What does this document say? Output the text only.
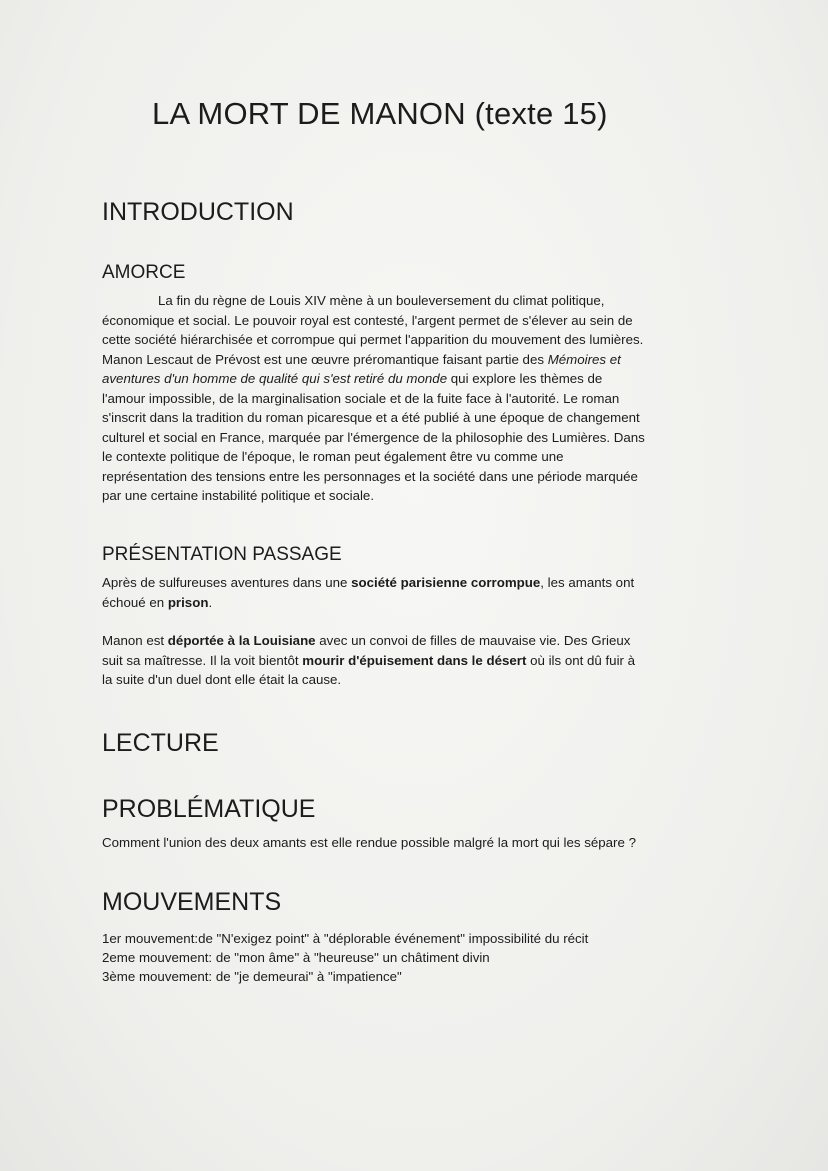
LA MORT DE MANON (texte 15)
INTRODUCTION
AMORCE
La fin du règne de Louis XIV mène à un bouleversement du climat politique,
économique et social. Le pouvoir royal est contesté, l'argent permet de s'élever au sein de
cette société hiérarchisée et corrompue qui permet l'apparition du mouvement des lumières.
Manon Lescaut de Prévost est une œuvre préromantique faisant partie des Mémoires et
aventures d'un homme de qualité qui s'est retiré du monde qui explore les thèmes de
l'amour impossible, de la marginalisation sociale et de la fuite face à l'autorité. Le roman
s'inscrit dans la tradition du roman picaresque et a été publié à une époque de changement
culturel et social en France, marquée par l'émergence de la philosophie des Lumières. Dans
le contexte politique de l'époque, le roman peut également être vu comme une
représentation des tensions entre les personnages et la société dans une période marquée
par une certaine instabilité politique et sociale.
PRÉSENTATION PASSAGE
Après de sulfureuses aventures dans une société parisienne corrompue, les amants ont
échoué en prison.
Manon est déportée à la Louisiane avec un convoi de filles de mauvaise vie. Des Grieux
suit sa maîtresse. Il la voit bientôt mourir d'épuisement dans le désert où ils ont dû fuir à
la suite d'un duel dont elle était la cause.
LECTURE
PROBLÉMATIQUE
Comment l'union des deux amants est elle rendue possible malgré la mort qui les sépare ?
MOUVEMENTS
1er mouvement:de "N'exigez point" à "déplorable événement" impossibilité du récit
2eme mouvement: de "mon âme" à "heureuse" un châtiment divin
3ème mouvement: de "je demeurai" à "impatience"
